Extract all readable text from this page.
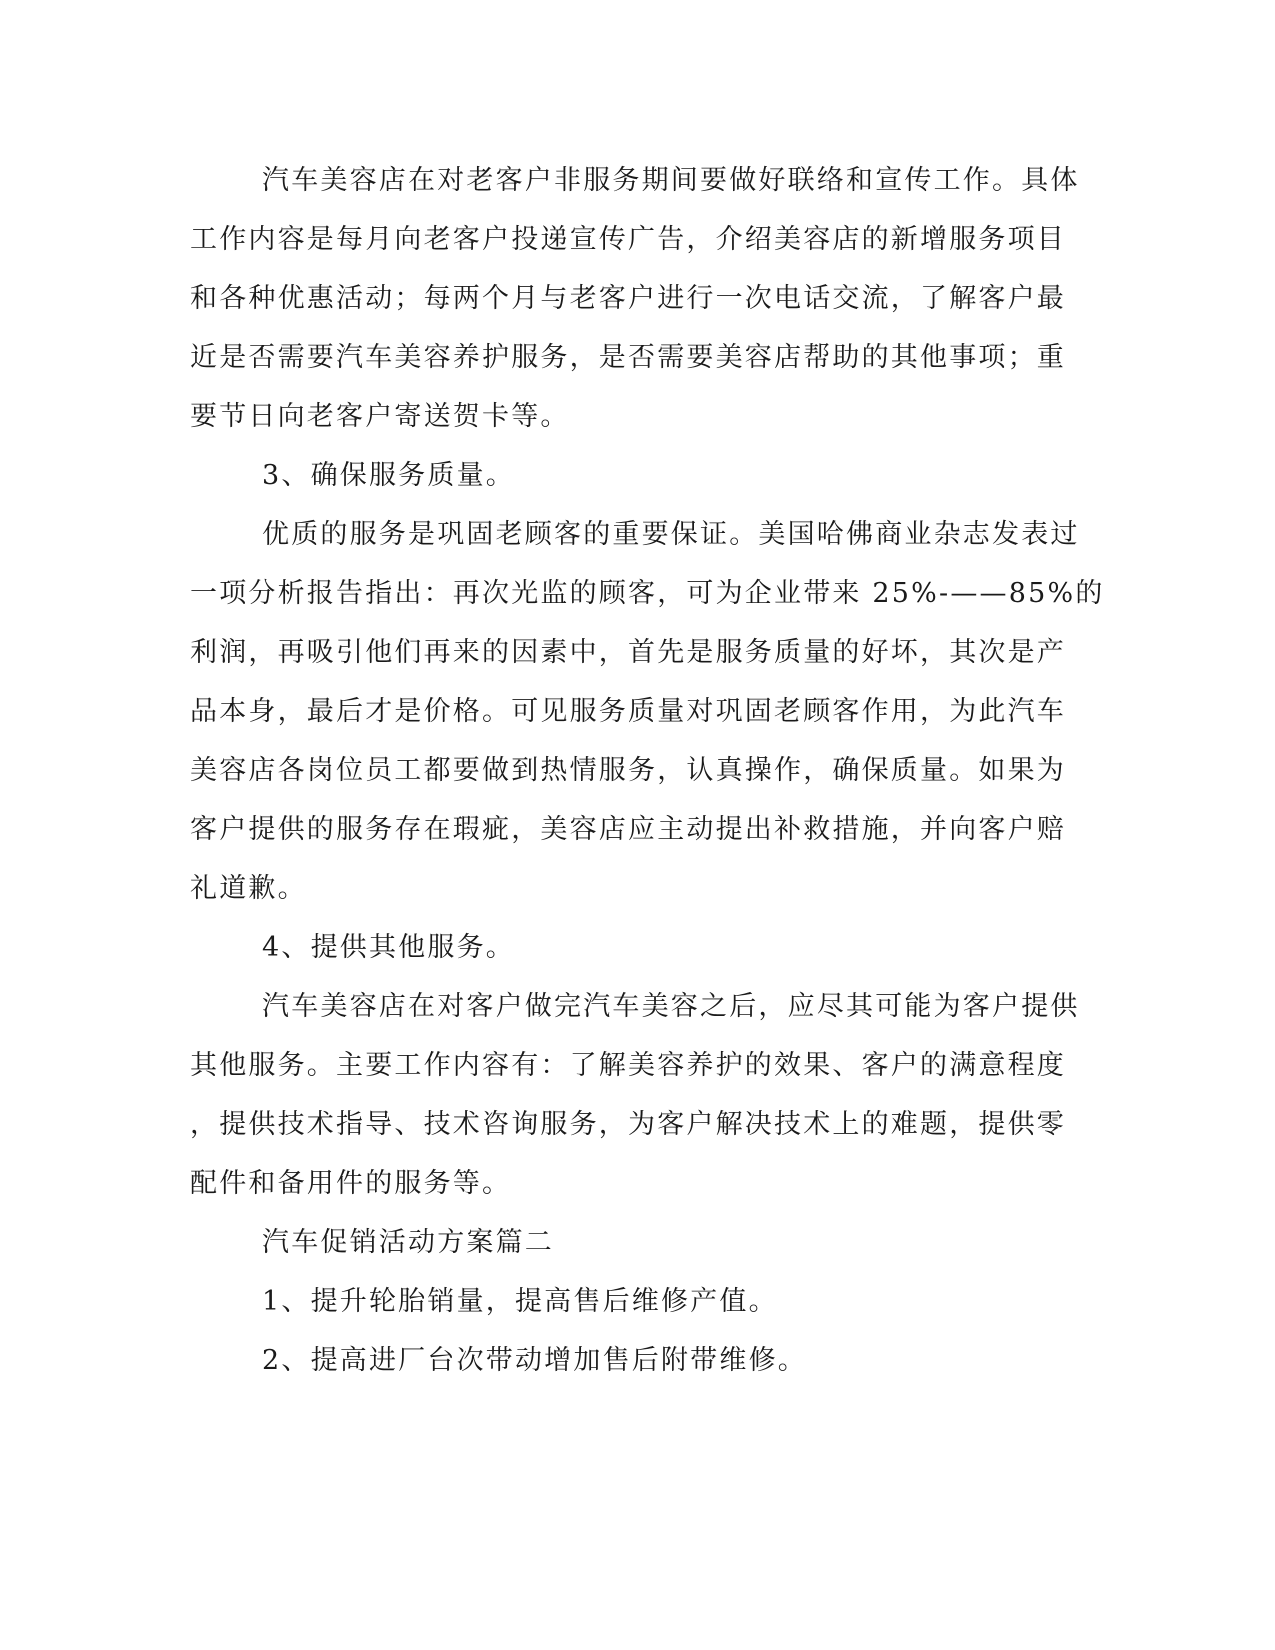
汽车美容店在对老客户非服务期间要做好联络和宣传工作。具体
工作内容是每月向老客户投递宣传广告，介绍美容店的新增服务项目
和各种优惠活动；每两个月与老客户进行一次电话交流，了解客户最
近是否需要汽车美容养护服务，是否需要美容店帮助的其他事项；重
要节日向老客户寄送贺卡等。
3、确保服务质量。
优质的服务是巩固老顾客的重要保证。美国哈佛商业杂志发表过
一项分析报告指出：再次光监的顾客，可为企业带来 25%-——85%的
利润，再吸引他们再来的因素中，首先是服务质量的好坏，其次是产
品本身，最后才是价格。可见服务质量对巩固老顾客作用，为此汽车
美容店各岗位员工都要做到热情服务，认真操作，确保质量。如果为
客户提供的服务存在瑕疵，美容店应主动提出补救措施，并向客户赔
礼道歉。
4、提供其他服务。
汽车美容店在对客户做完汽车美容之后，应尽其可能为客户提供
其他服务。主要工作内容有：了解美容养护的效果、客户的满意程度
，提供技术指导、技术咨询服务，为客户解决技术上的难题，提供零
配件和备用件的服务等。
汽车促销活动方案篇二
1、提升轮胎销量，提高售后维修产值。
2、提高进厂台次带动增加售后附带维修。
